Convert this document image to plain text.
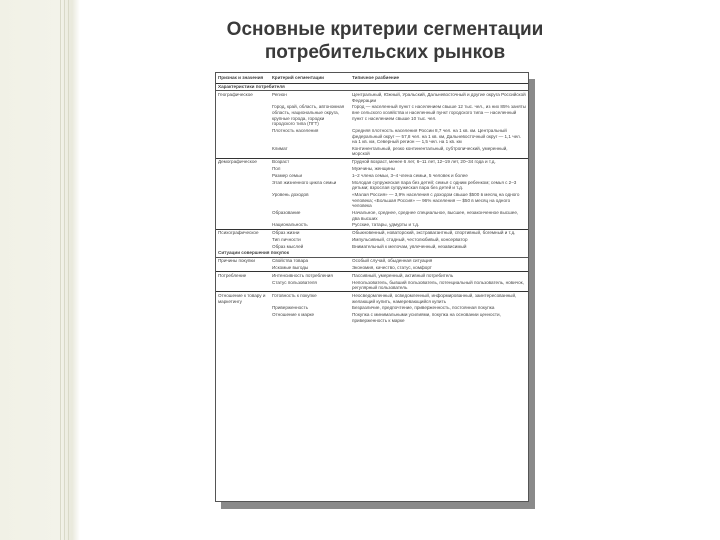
Основные критерии сегментации
потребительских рынков
Признак и значения	Критерий сегментации	Типичное разбиение
Характеристики потребителя		
Географическое	Регион	Центральный, Южный, Уральский, Дальневосточный и другие округа Российской Федерации
	Город, край, область, автономная область, национальные округа, крупные города, городки городского типа (ПГТ)	Город — населенный пункт с населением свыше 12 тыс. чел., из них 85% заняты вне сельского хозяйства и населенный пункт городского типа — населенный пункт с населением свыше 10 тыс. чел.
	Плотность населения	Средняя плотность населения России 8,7 чел. на 1 кв. км. Центральный федеральный округ — 57,8 чел. на 1 кв. км, Дальневосточный округ — 1,1 чел. на 1 кв. км, Северный регион — 1,5 чел. на 1 кв. км
	Климат	Континентальный, резко континентальный, субтропический, умеренный, морской
Демографическое	Возраст	Грудной возраст, менее 6 лет, 6–11 лет, 12–19 лет, 20–34 года и т.д.
	Пол	Мужчины, женщины
	Размер семьи	1–2 члена семьи, 3–4 члена семьи, 5 человек и более
	Этап жизненного цикла семьи	Молодая супружеская пара без детей; семья с одним ребенком; семья с 2–3 детьми; взрослая супружеская пара без детей и т.д.
	Уровень доходов	«Малая Россия» — 3,9% населения с доходом свыше $500 в месяц на одного человека; «Большая Россия» — 96% населения — $50 в месяц на одного человека
	Образование	Начальное, среднее, среднее специальное, высшее, незаконченное высшее, два высших
	Национальность	Русские, татары, удмурты и т.д.
Психографическое	Образ жизни	Обыкновенный, новаторский, экстравагантный, спортивный, богемный и т.д.
	Тип личности	Импульсивный, стадный, честолюбивый, консерватор
	Образ мыслей	Внимательный к мелочам, увлеченный, независимый
Ситуации совершения покупок		
Причины покупки	Свойства товара	Особый случай, обыденная ситуация
	Искомые выгоды	Экономия, качество, статус, комфорт
Потребление	Интенсивность потребления	Пассивный, умеренный, активный потребитель
	Статус пользователя	Непользователь, бывший пользователь, потенциальный пользователь, новичок, регулярный пользователь
Отношение к товару и маркетингу	Готовность к покупке	Неосведомленный, осведомленный, информированный, заинтересованный, желающий купить, намеревающийся купить
	Приверженность	Безразличие, предпочтение, приверженность, постоянная покупка
	Отношение к марке	Покупка с минимальными усилиями, покупка на основании ценности, приверженность к марке
